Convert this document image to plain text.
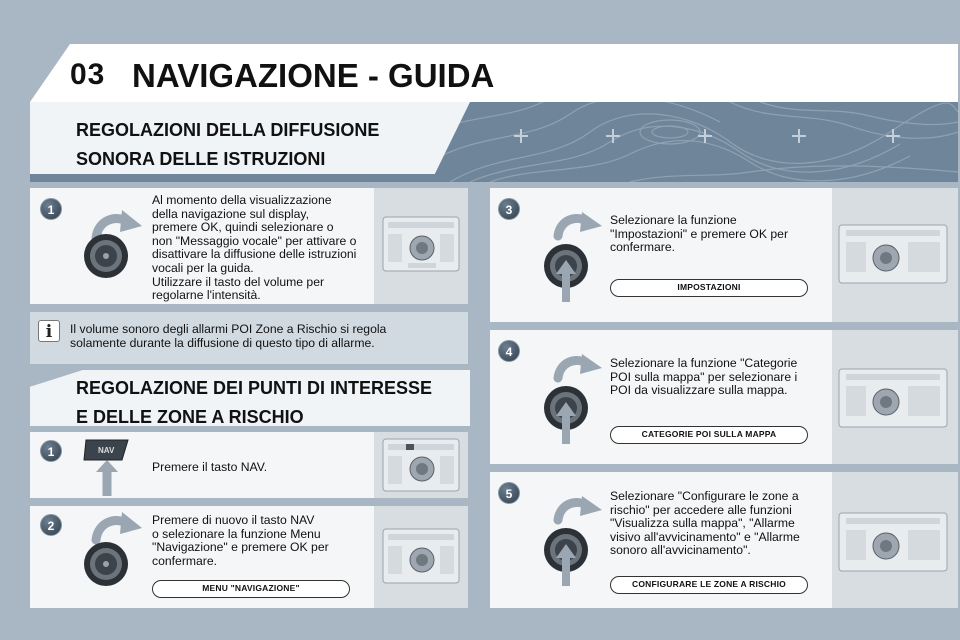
03 NAVIGAZIONE - GUIDA
REGOLAZIONI DELLA DIFFUSIONE
SONORA DELLE ISTRUZIONI
1
Al momento della visualizzazione
della navigazione sul display,
premere OK, quindi selezionare o
non "Messaggio vocale" per attivare o
disattivare la diffusione delle istruzioni
vocali per la guida.
Utilizzare il tasto del volume per
regolarne l'intensità.
i	Il volume sonoro degli allarmi POI Zone a Rischio si regola
solamente durante la diffusione di questo tipo di allarme.
REGOLAZIONE DEI PUNTI DI INTERESSE
E DELLE ZONE A RISCHIO
1	NAV
Premere il tasto NAV.
2	Premere di nuovo il tasto NAV
o selezionare la funzione Menu
"Navigazione" e premere OK per
confermare.
MENU "NAVIGAZIONE"
3
Selezionare la funzione
"Impostazioni" e premere OK per
confermare.
IMPOSTAZIONI
4
Selezionare la funzione "Categorie
POI sulla mappa" per selezionare i
POI da visualizzare sulla mappa.
CATEGORIE POI SULLA MAPPA
5	Selezionare "Configurare le zone a
rischio" per accedere alle funzioni
"Visualizza sulla mappa", "Allarme
visivo all'avvicinamento" e "Allarme
sonoro all'avvicinamento".
CONFIGURARE LE ZONE A RISCHIO
